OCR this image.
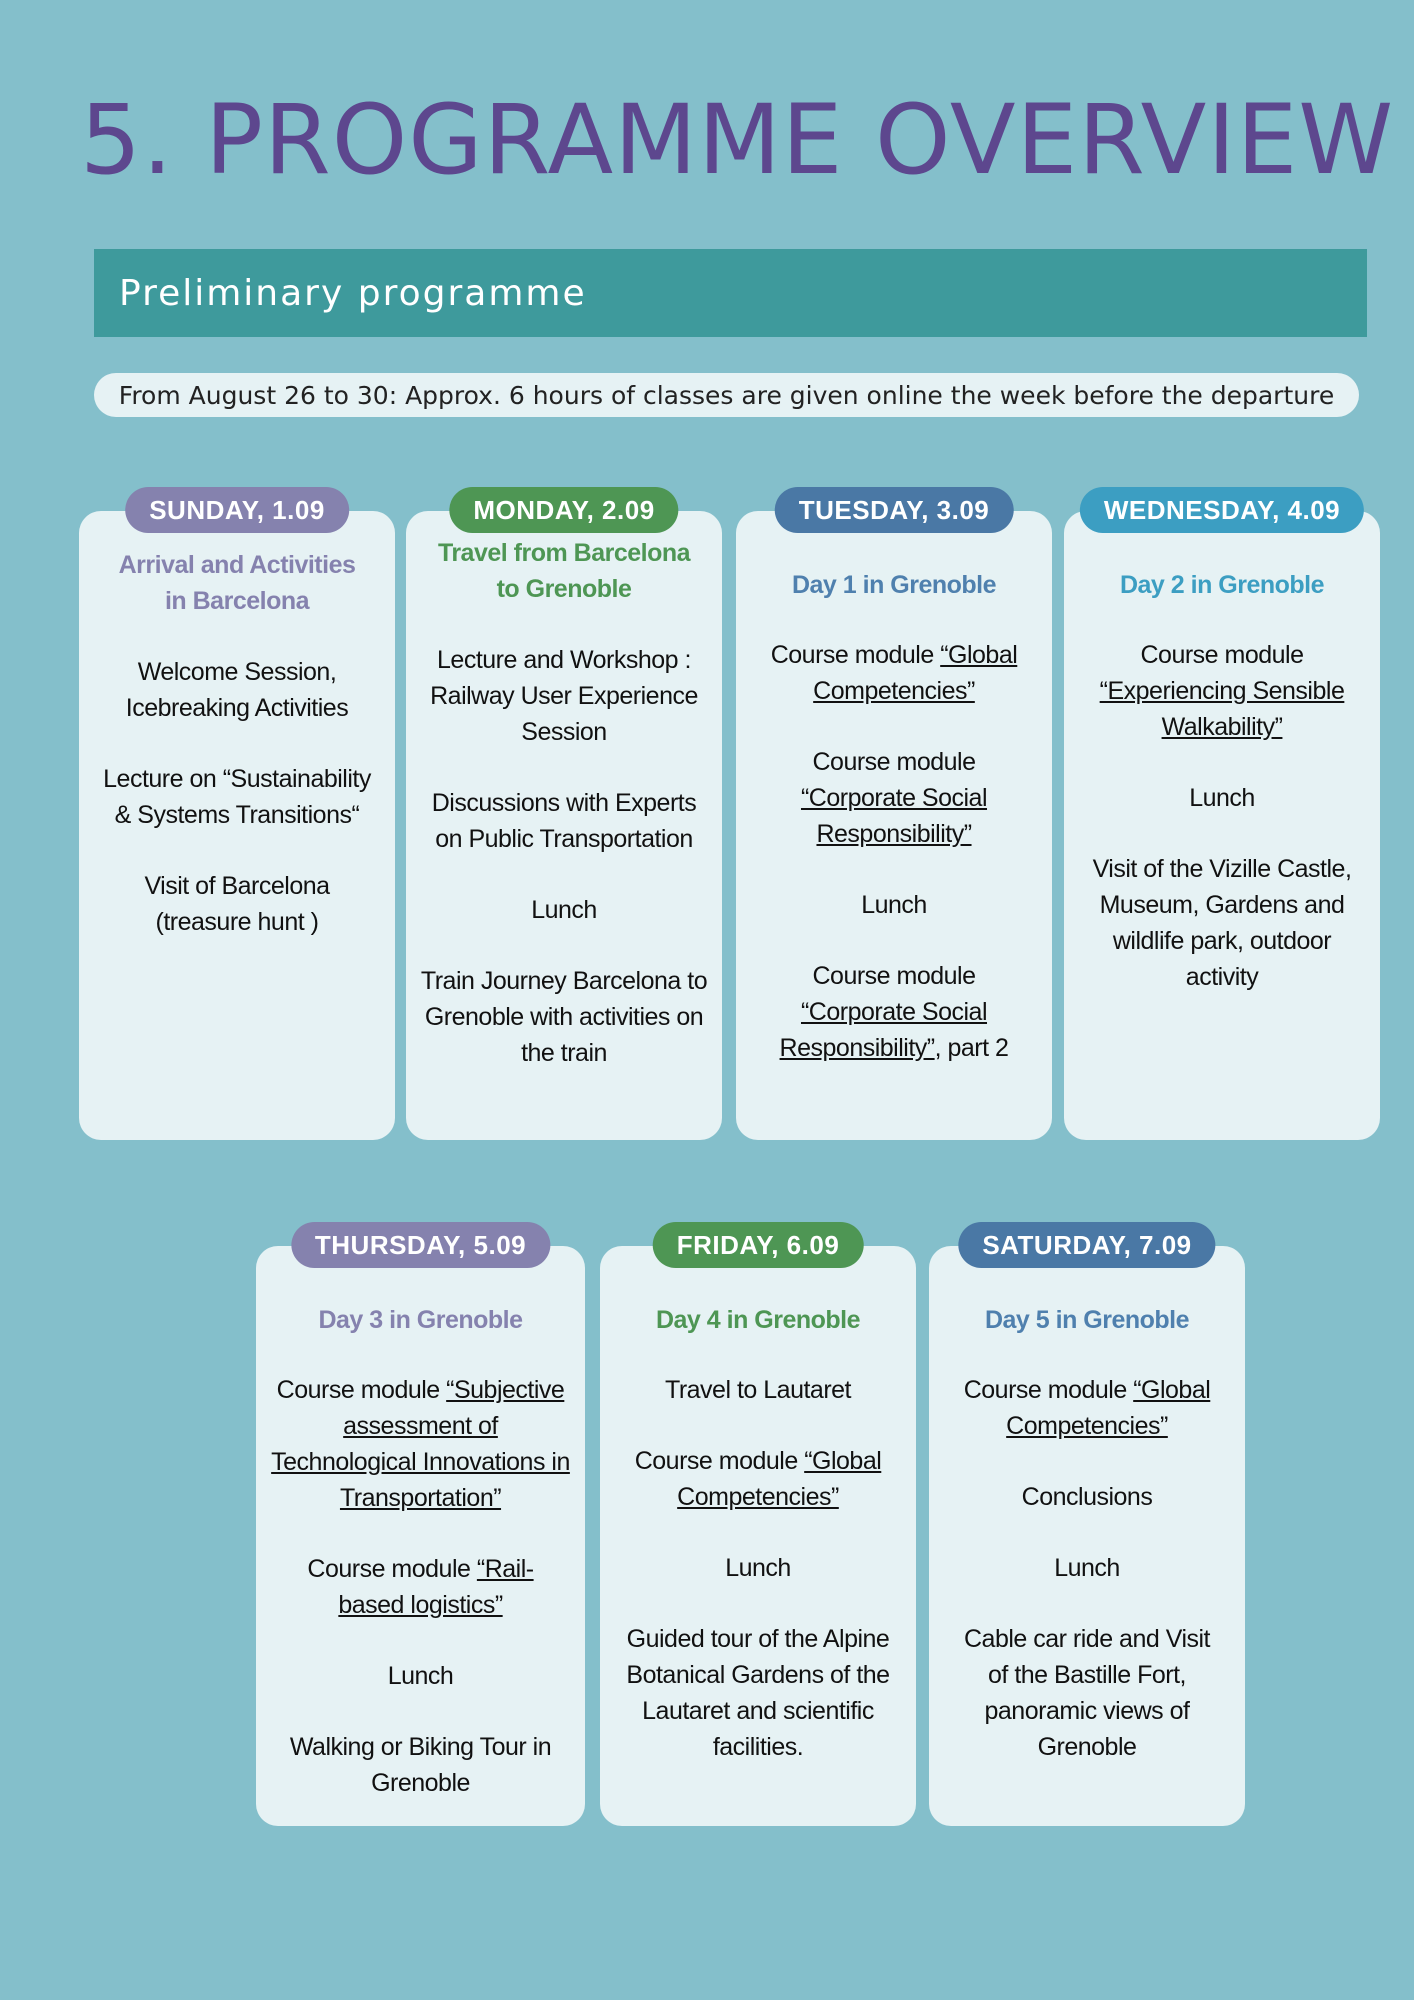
5. PROGRAMME OVERVIEW
Preliminary programme
From August 26 to 30: Approx. 6 hours of classes are given online the week before the departure
SUNDAY, 1.09
Arrival and Activities in Barcelona
Welcome Session, Icebreaking Activities
Lecture on “Sustainability & Systems Transitions“
Visit of Barcelona (treasure hunt )
MONDAY, 2.09
Travel from Barcelona to Grenoble
Lecture and Workshop : Railway User Experience Session
Discussions with Experts on Public Transportation
Lunch
Train Journey Barcelona to Grenoble with activities on the train
TUESDAY, 3.09
Day 1 in Grenoble
Course module “Global Competencies”
Course module “Corporate Social Responsibility”
Lunch
Course module “Corporate Social Responsibility”, part 2
WEDNESDAY, 4.09
Day 2 in Grenoble
Course module “Experiencing Sensible Walkability”
Lunch
Visit of the Vizille Castle, Museum, Gardens and wildlife park, outdoor activity
THURSDAY, 5.09
Day 3 in Grenoble
Course module “Subjective assessment of Technological Innovations in Transportation”
Course module “Rail-based logistics”
Lunch
Walking or Biking Tour in Grenoble
FRIDAY, 6.09
Day 4 in Grenoble
Travel to Lautaret
Course module “Global Competencies”
Lunch
Guided tour of the Alpine Botanical Gardens of the Lautaret and scientific facilities.
SATURDAY, 7.09
Day 5 in Grenoble
Course module “Global Competencies”
Conclusions
Lunch
Cable car ride and Visit of the Bastille Fort, panoramic views of Grenoble
